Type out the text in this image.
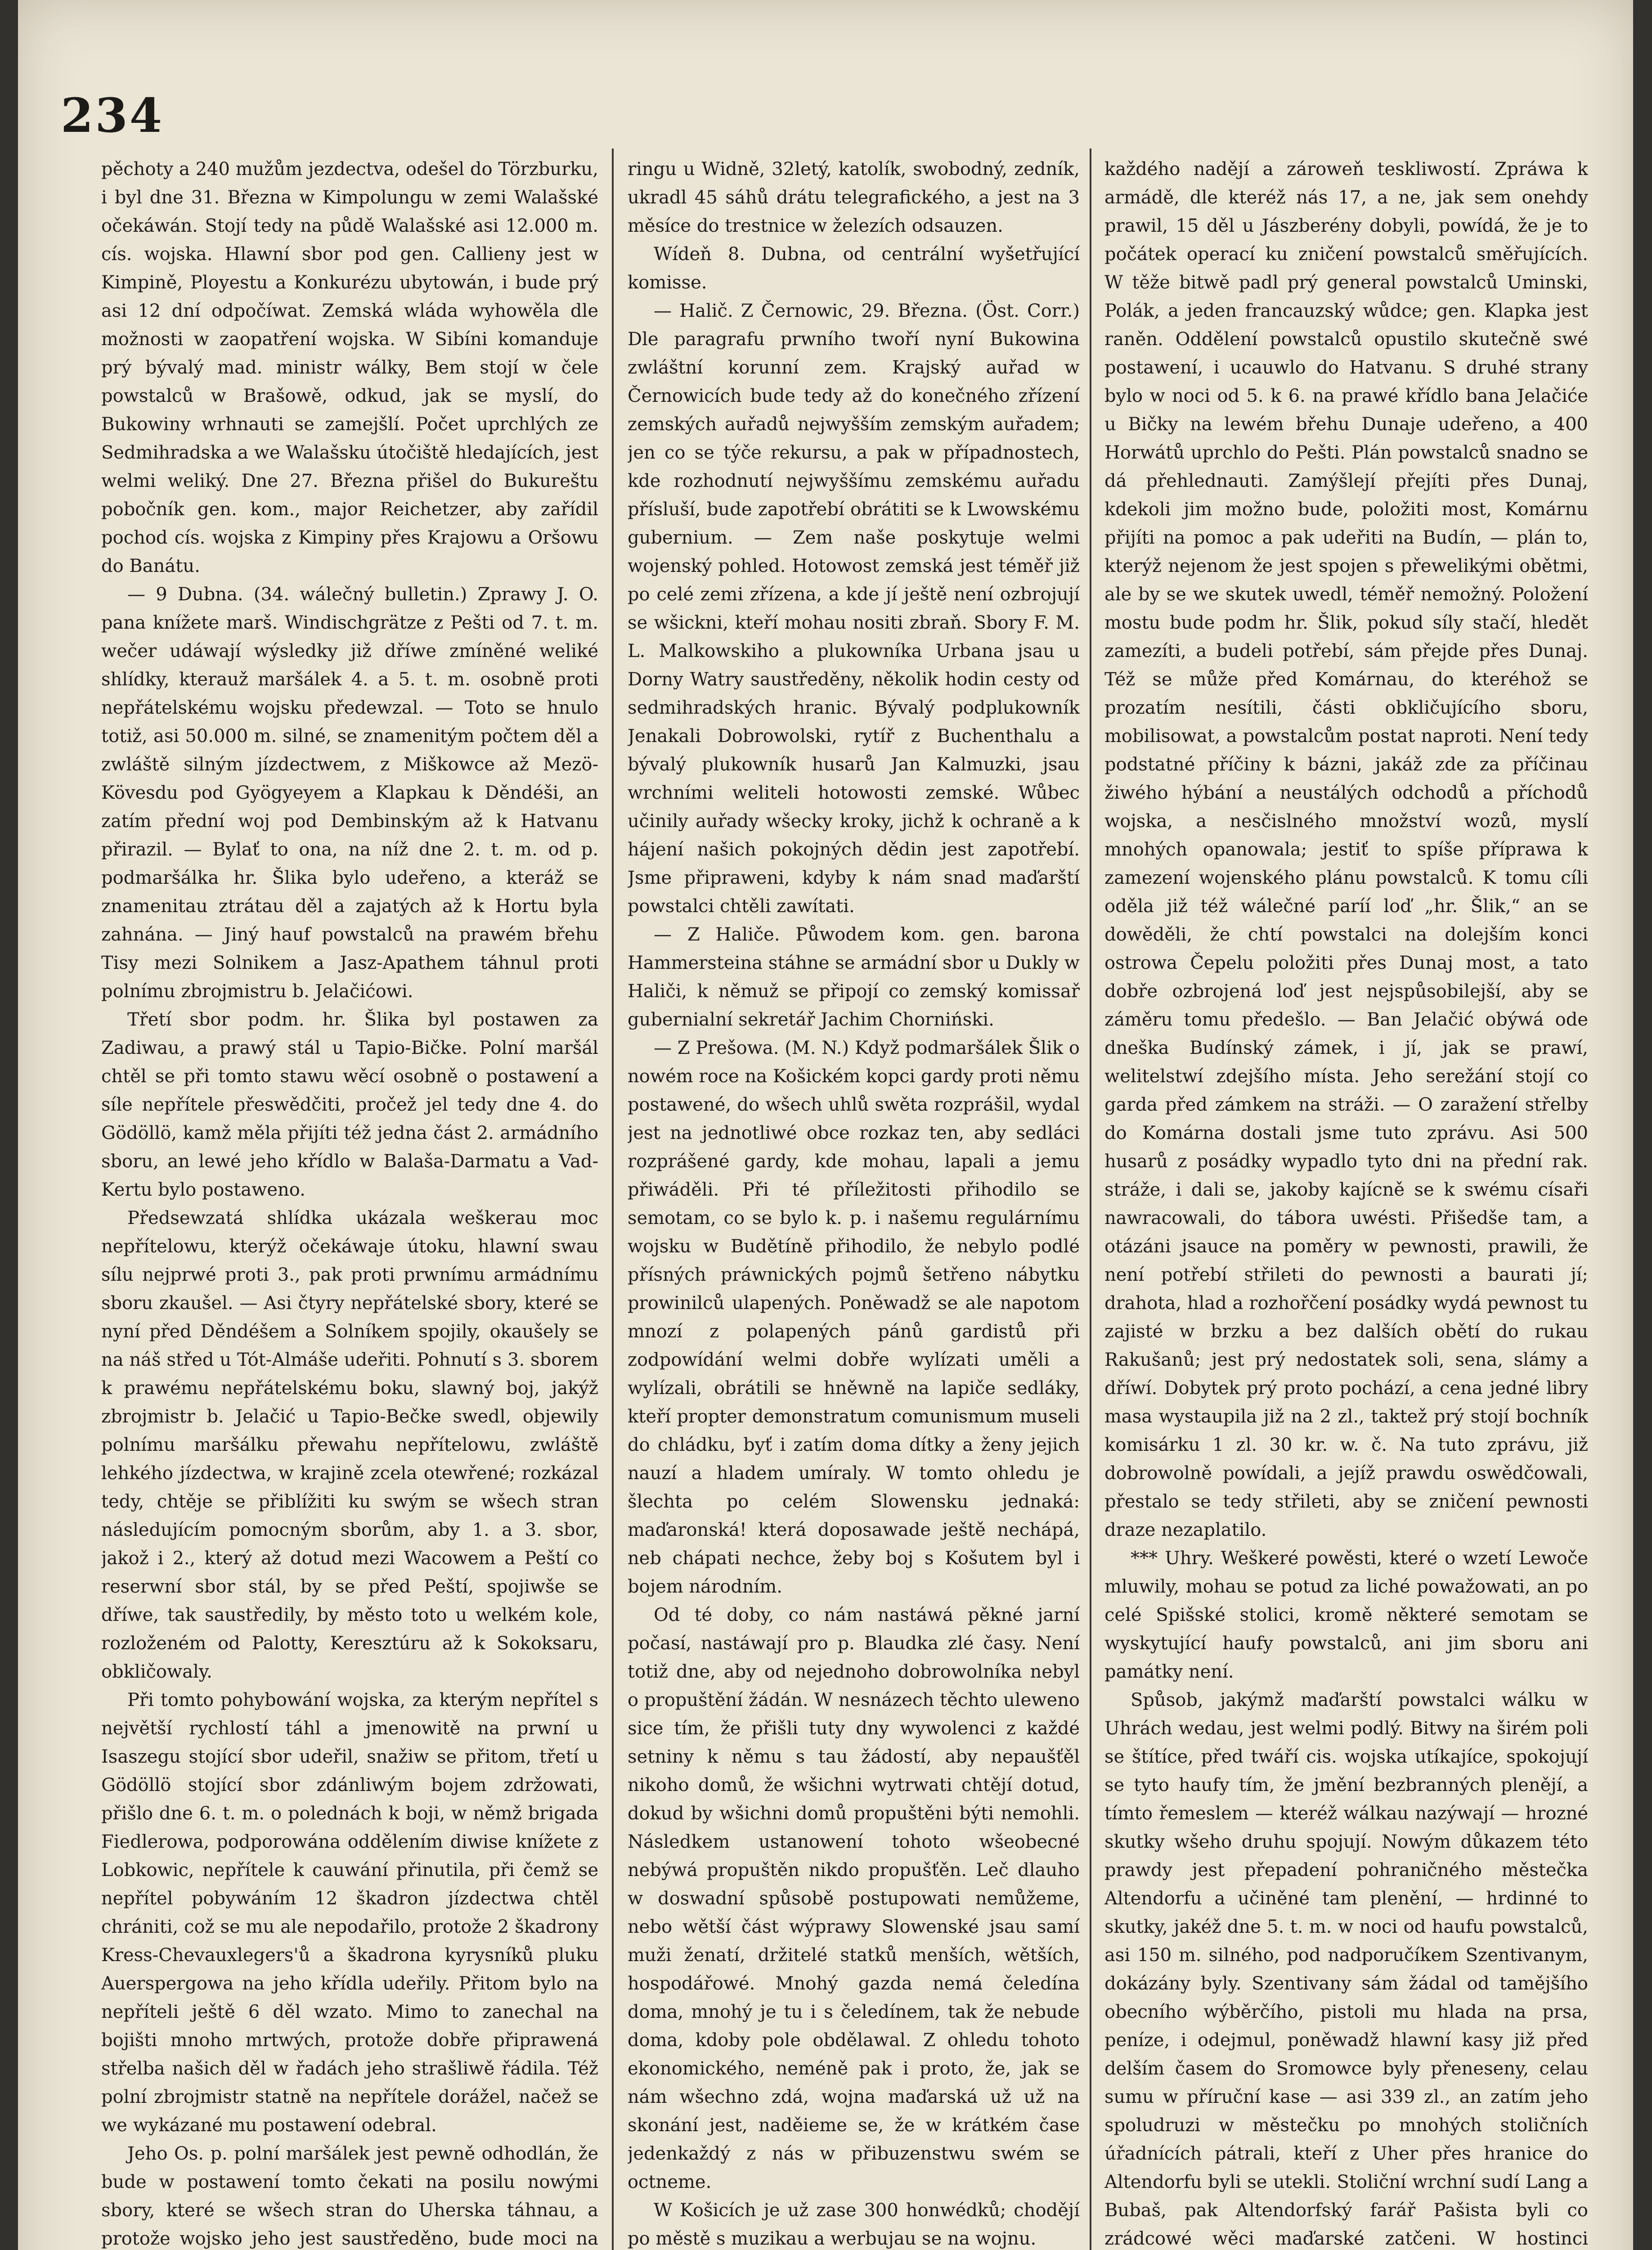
234

pěchoty a 240 mužům jezdectva, odešel do Törzburku, i byl dne 31. Března w Kimpolungu w zemi Walašské očekáwán. Stojí tedy na půdě Walašské asi 12.000 m. cís. wojska. Hlawní sbor pod gen. Callieny jest w Kimpině, Ployestu a Konkurézu ubytowán, i bude prý asi 12 dní odpočíwat. Zemská wláda wyhowěla dle možnosti w zaopatření wojska. W Sibíni komanduje prý bývalý mad. ministr wálky, Bem stojí w čele powstalců w Brašowě, odkud, jak se myslí, do Bukowiny wrhnauti se zamejšlí. Počet uprchlých ze Sedmihradska a we Walašsku útočiště hledajících, jest welmi weliký. Dne 27. Března přišel do Bukureštu pobočník gen. kom., major Reichetzer, aby zařídil pochod cís. wojska z Kimpiny přes Krajowu a Oršowu do Banátu.

— 9 Dubna. (34. wálečný bulletin.) Zprawy J. O. pana knížete marš. Windischgrätze z Pešti od 7. t. m. wečer udáwají wýsledky již dříwe zmíněné weliké shlídky, kterauž maršálek 4. a 5. t. m. osobně proti nepřátelskému wojsku předewzal. — Toto se hnulo totiž, asi 50.000 m. silné, se znamenitým počtem děl a zwláště silným jízdectwem, z Miškowce až Mezö-Kövesdu pod Gyögyeyem a Klapkau k Děndéši, an zatím přední woj pod Dembinským až k Hatvanu přirazil. — Bylať to ona, na níž dne 2. t. m. od p. podmaršálka hr. Šlika bylo udeřeno, a kteráž se znamenitau ztrátau děl a zajatých až k Hortu byla zahnána. — Jiný hauf powstalců na prawém břehu Tisy mezi Solnikem a Jasz-Apathem táhnul proti polnímu zbrojmistru b. Jelačićowi.

Třetí sbor podm. hr. Šlika byl postawen za Zadiwau, a prawý stál u Tapio-Bičke. Polní maršál chtěl se při tomto stawu wěcí osobně o postawení a síle nepřítele přeswědčiti, pročež jel tedy dne 4. do Gödöllö, kamž měla přijíti též jedna část 2. armádního sboru, an lewé jeho křídlo w Balaša-Darmatu a Vad-Kertu bylo postaweno.

Předsewzatá shlídka ukázala weškerau moc nepřítelowu, kterýž očekáwaje útoku, hlawní swau sílu nejprwé proti 3., pak proti prwnímu armádnímu sboru zkaušel. — Asi čtyry nepřátelské sbory, které se nyní před Děndéšem a Solníkem spojily, okaušely se na náš střed u Tót-Almáše udeřiti. Pohnutí s 3. sborem k prawému nepřátelskému boku, slawný boj, jakýž zbrojmistr b. Jelačić u Tapio-Bečke swedl, objewily polnímu maršálku přewahu nepřítelowu, zwláště lehkého jízdectwa, w krajině zcela otewřené; rozkázal tedy, chtěje se přiblížiti ku swým se wšech stran následujícím pomocným sborům, aby 1. a 3. sbor, jakož i 2., který až dotud mezi Wacowem a Peští co reserwní sbor stál, by se před Peští, spojiwše se dříwe, tak saustředily, by město toto u welkém kole, rozloženém od Palotty, Keresztúru až k Sokoksaru, obkličowaly.

Při tomto pohybowání wojska, za kterým nepřítel s největší rychlostí táhl a jmenowitě na prwní u Isaszegu stojící sbor udeřil, snažiw se přitom, třetí u Gödöllö stojící sbor zdánliwým bojem zdržowati, přišlo dne 6. t. m. o polednách k boji, w němž brigada Fiedlerowa, podporowána oddělením diwise knížete z Lobkowic, nepřítele k cauwání přinutila, při čemž se nepřítel pobywáním 12 škadron jízdectwa chtěl chrániti, což se mu ale nepodařilo, protože 2 škadrony Kress-Chevauxlegers'ů a škadrona kyrysníků pluku Auerspergowa na jeho křídla udeřily. Přitom bylo na nepříteli ještě 6 děl wzato. Mimo to zanechal na bojišti mnoho mrtwých, protože dobře připrawená střelba našich děl w řadách jeho strašliwě řádila. Též polní zbrojmistr statně na nepřítele dorážel, načež se we wykázané mu postawení odebral.

Jeho Os. p. polní maršálek jest pewně odhodlán, že bude w postawení tomto čekati na posilu nowými sbory, které se wšech stran do Uherska táhnau, a protože wojsko jeho jest saustředěno, bude moci na

ringu u Widně, 32letý, katolík, swobodný, zedník, ukradl 45 sáhů drátu telegrafického, a jest na 3 měsíce do trestnice w železích odsauzen.

Wídeň 8. Dubna, od centrální wyšetřující komisse.

— Halič. Z Černowic, 29. Března. (Öst. Corr.) Dle paragrafu prwního twoří nyní Bukowina zwláštní korunní zem. Krajský auřad w Černowicích bude tedy až do konečného zřízení zemských auřadů nejwyšším zemským auřadem; jen co se týče rekursu, a pak w případnostech, kde rozhodnutí nejwyššímu zemskému auřadu přísluší, bude zapotřebí obrátiti se k Lwowskému gubernium. — Zem naše poskytuje welmi wojenský pohled. Hotowost zemská jest téměř již po celé zemi zřízena, a kde jí ještě není ozbrojují se wšickni, kteří mohau nositi zbraň. Sbory F. M. L. Malkowskiho a plukowníka Urbana jsau u Dorny Watry saustředěny, několik hodin cesty od sedmihradských hranic. Bývalý podplukowník Jenakali Dobrowolski, rytíř z Buchenthalu a bývalý plukowník husarů Jan Kalmuzki, jsau wrchními weliteli hotowosti zemské. Wůbec učinily auřady wšecky kroky, jichž k ochraně a k hájení našich pokojných dědin jest zapotřebí. Jsme připraweni, kdyby k nám snad maďarští powstalci chtěli zawítati.

— Z Haliče. Půwodem kom. gen. barona Hammersteina stáhne se armádní sbor u Dukly w Haliči, k němuž se připojí co zemský komissař gubernialní sekretář Jachim Chorniński.

— Z Prešowa. (M. N.) Když podmaršálek Šlik o nowém roce na Košickém kopci gardy proti němu postawené, do wšech uhlů swěta rozprášil, wydal jest na jednotliwé obce rozkaz ten, aby sedláci rozprášené gardy, kde mohau, lapali a jemu přiwáděli. Při té příležitosti přihodilo se semotam, co se bylo k. p. i našemu regulárnímu wojsku w Budětíně přihodilo, že nebylo podlé přísných práwnických pojmů šetřeno nábytku prowinilců ulapených. Poněwadž se ale napotom mnozí z polapených pánů gardistů při zodpowídání welmi dobře wylízati uměli a wylízali, obrátili se hněwně na lapiče sedláky, kteří propter demonstratum comunismum museli do chládku, byť i zatím doma dítky a ženy jejich nauzí a hladem umíraly. W tomto ohledu je šlechta po celém Slowensku jednaká: maďaronská! která doposawade ještě nechápá, neb chápati nechce, žeby boj s Košutem byl i bojem národním.

Od té doby, co nám nastáwá pěkné jarní počasí, nastáwají pro p. Blaudka zlé časy. Není totiž dne, aby od nejednoho dobrowolníka nebyl o propuštění žádán. W nesnázech těchto uleweno sice tím, že přišli tuty dny wywolenci z každé setniny k němu s tau žádostí, aby nepaušťěl nikoho domů, že wšichni wytrwati chtějí dotud, dokud by wšichni domů propuštěni býti nemohli. Následkem ustanowení tohoto wšeobecné nebýwá propuštěn nikdo propušťěn. Leč dlauho w doswadní spůsobě postupowati nemůžeme, nebo wětší část wýprawy Slowenské jsau samí muži ženatí, držitelé statků menších, wětších, hospodářowé. Mnohý gazda nemá čeledína doma, mnohý je tu i s čeledínem, tak že nebude doma, kdoby pole obdělawal. Z ohledu tohoto ekonomického, neméně pak i proto, že, jak se nám wšechno zdá, wojna maďarská už už na skonání jest, naděieme se, že w krátkém čase jedenkaždý z nás w přibuzenstwu swém se octneme.

W Košicích je už zase 300 honwédků; chodějí po městě s muzikau a werbujau se na wojnu.

každého nadějí a zároweň teskliwostí. Zpráwa k armádě, dle kteréž nás 17, a ne, jak sem onehdy prawil, 15 děl u Jászberény dobyli, powídá, že je to počátek operací ku zničení powstalců směřujících. W těže bitwě padl prý general powstalců Uminski, Polák, a jeden francauzský wůdce; gen. Klapka jest raněn. Oddělení powstalců opustilo skutečně swé postawení, i ucauwlo do Hatvanu. S druhé strany bylo w noci od 5. k 6. na prawé křídlo bana Jelačiće u Bičky na lewém břehu Dunaje udeřeno, a 400 Horwátů uprchlo do Pešti. Plán powstalců snadno se dá přehlednauti. Zamýšlejí přejíti přes Dunaj, kdekoli jim možno bude, položiti most, Komárnu přijíti na pomoc a pak udeřiti na Budín, — plán to, kterýž nejenom že jest spojen s přewelikými obětmi, ale by se we skutek uwedl, téměř nemožný. Položení mostu bude podm hr. Šlik, pokud síly stačí, hledět zamezíti, a budeli potřebí, sám přejde přes Dunaj. Též se může před Komárnau, do kteréhož se prozatím nesítili, části obkličujícího sboru, mobilisowat, a powstalcům postat naproti. Není tedy podstatné příčiny k bázni, jakáž zde za příčinau žiwého hýbání a neustálých odchodů a příchodů wojska, a nesčislného množství wozů, myslí mnohých opanowala; jestiť to spíše příprawa k zamezení wojenského plánu powstalců. K tomu cíli oděla již též wálečné paríí loď „hr. Šlik,“ an se dowěděli, že chtí powstalci na dolejším konci ostrowa Čepelu položiti přes Dunaj most, a tato dobře ozbrojená loď jest nejspůsobilejší, aby se záměru tomu předešlo. — Ban Jelačić obýwá ode dneška Budínský zámek, i jí, jak se prawí, welitelstwí zdejšího místa. Jeho serežání stojí co garda před zámkem na stráži. — O zaražení střelby do Komárna dostali jsme tuto zprávu. Asi 500 husarů z posádky wypadlo tyto dni na přední rak. stráže, i dali se, jakoby kajícně se k swému císaři nawracowali, do tábora uwésti. Přišedše tam, a otázáni jsauce na poměry w pewnosti, prawili, že není potřebí střileti do pewnosti a baurati jí; drahota, hlad a rozhořčení posádky wydá pewnost tu zajisté w brzku a bez dalších obětí do rukau Rakušanů; jest prý nedostatek soli, sena, slámy a dříwí. Dobytek prý proto pochází, a cena jedné libry masa wystaupila již na 2 zl., taktež prý stojí bochník komisárku 1 zl. 30 kr. w. č. Na tuto zprávu, již dobrowolně powídali, a jejíž prawdu oswědčowali, přestalo se tedy střileti, aby se zničení pewnosti draze nezaplatilo.

*** Uhry. Weškeré powěsti, které o wzetí Lewoče mluwily, mohau se potud za liché powažowati, an po celé Spišské stolici, kromě některé semotam se wyskytující haufy powstalců, ani jim sboru ani památky není.

Spůsob, jakýmž maďarští powstalci wálku w Uhrách wedau, jest welmi podlý. Bitwy na širém poli se štítíce, před twáří cis. wojska utíkajíce, spokojují se tyto haufy tím, že jmění bezbranných plenějí, a tímto řemeslem — kteréž wálkau nazýwají — hrozné skutky wšeho druhu spojují. Nowým důkazem této prawdy jest přepadení pohraničného městečka Altendorfu a učiněné tam plenění, — hrdinné to skutky, jakéž dne 5. t. m. w noci od haufu powstalců, asi 150 m. silného, pod nadporučíkem Szentivanym, dokázány byly. Szentivany sám žádal od tamějšího obecního wýběrčího, pistoli mu hlada na prsa, peníze, i odejmul, poněwadž hlawní kasy již před delším časem do Sromowce byly přeneseny, celau sumu w příruční kase — asi 339 zl., an zatím jeho spoludruzi w městečku po mnohých stoličních úřadnících pátrali, kteří z Uher přes hranice do Altendorfu byli se utekli. Stoliční wrchní sudí Lang a Bubaš, pak Altendorfský farář Pašista byli co zrádcowé wěci maďarské zatčeni. W hostinci
